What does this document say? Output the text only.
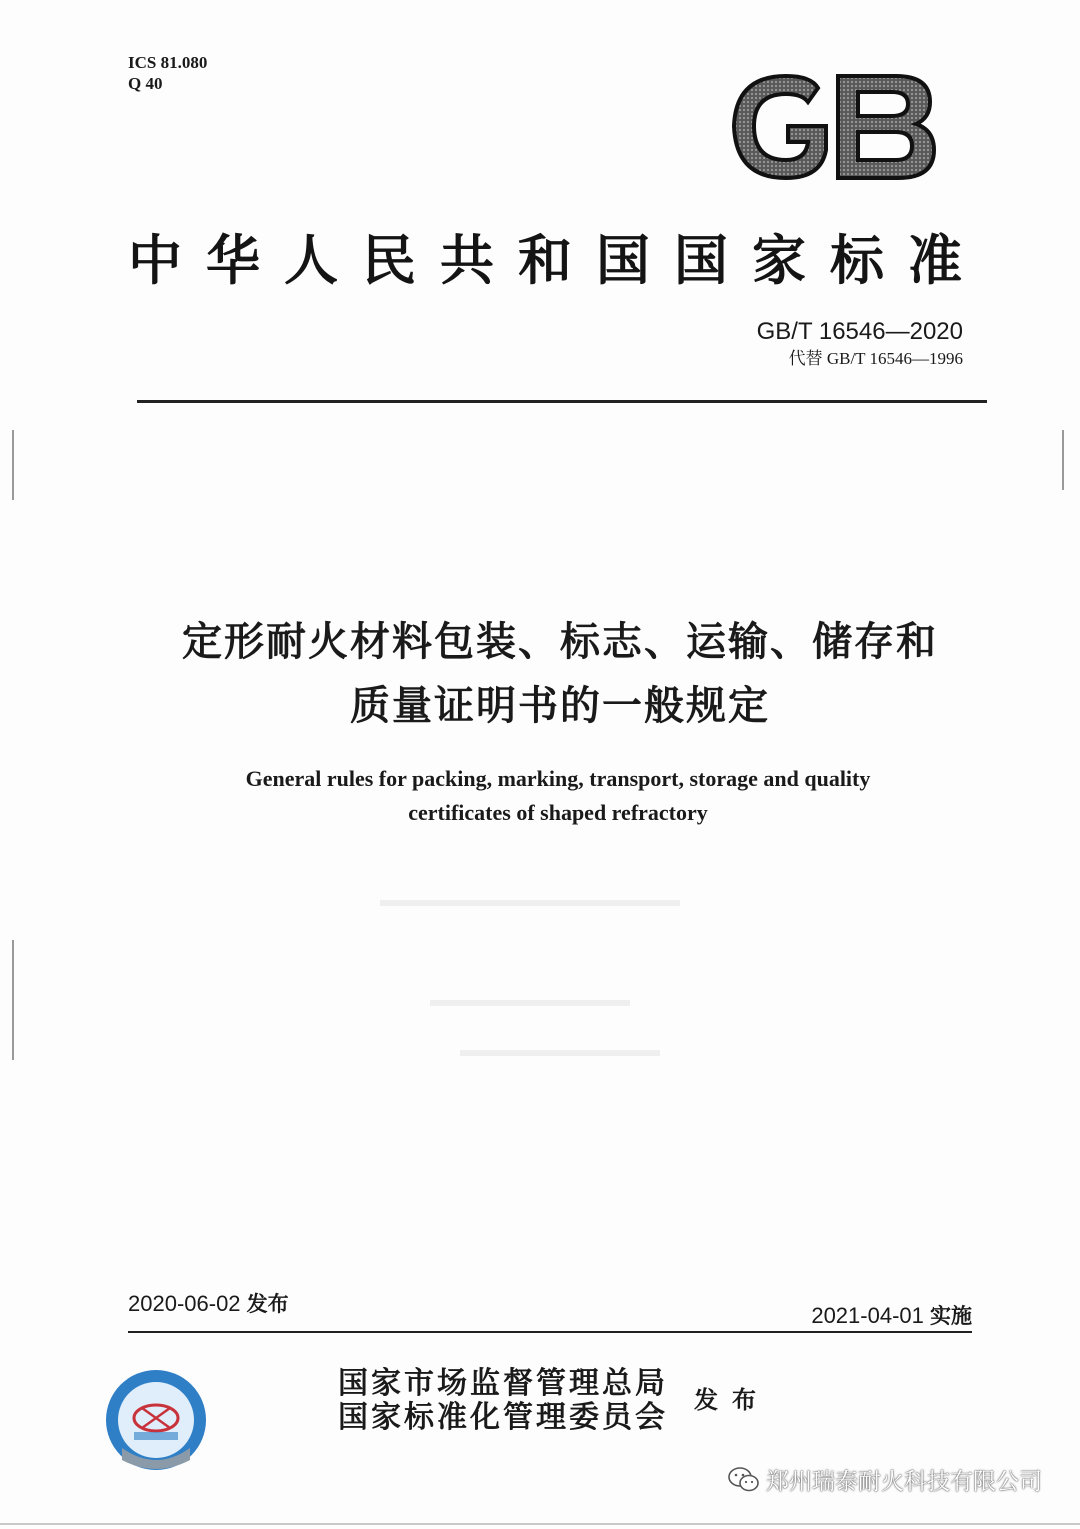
ICS 81.080
Q 40
中华人民共和国国家标准
GB/T 16546—2020
代替 GB/T 16546—1996
定形耐火材料包装、标志、运输、储存和
质量证明书的一般规定
General rules for packing, marking, transport, storage and quality
certificates of shaped refractory
2020-06-02 发布	2021-04-01 实施
国家市场监督管理总局
国家标准化管理委员会 发布
郑州瑞泰耐火科技有限公司
